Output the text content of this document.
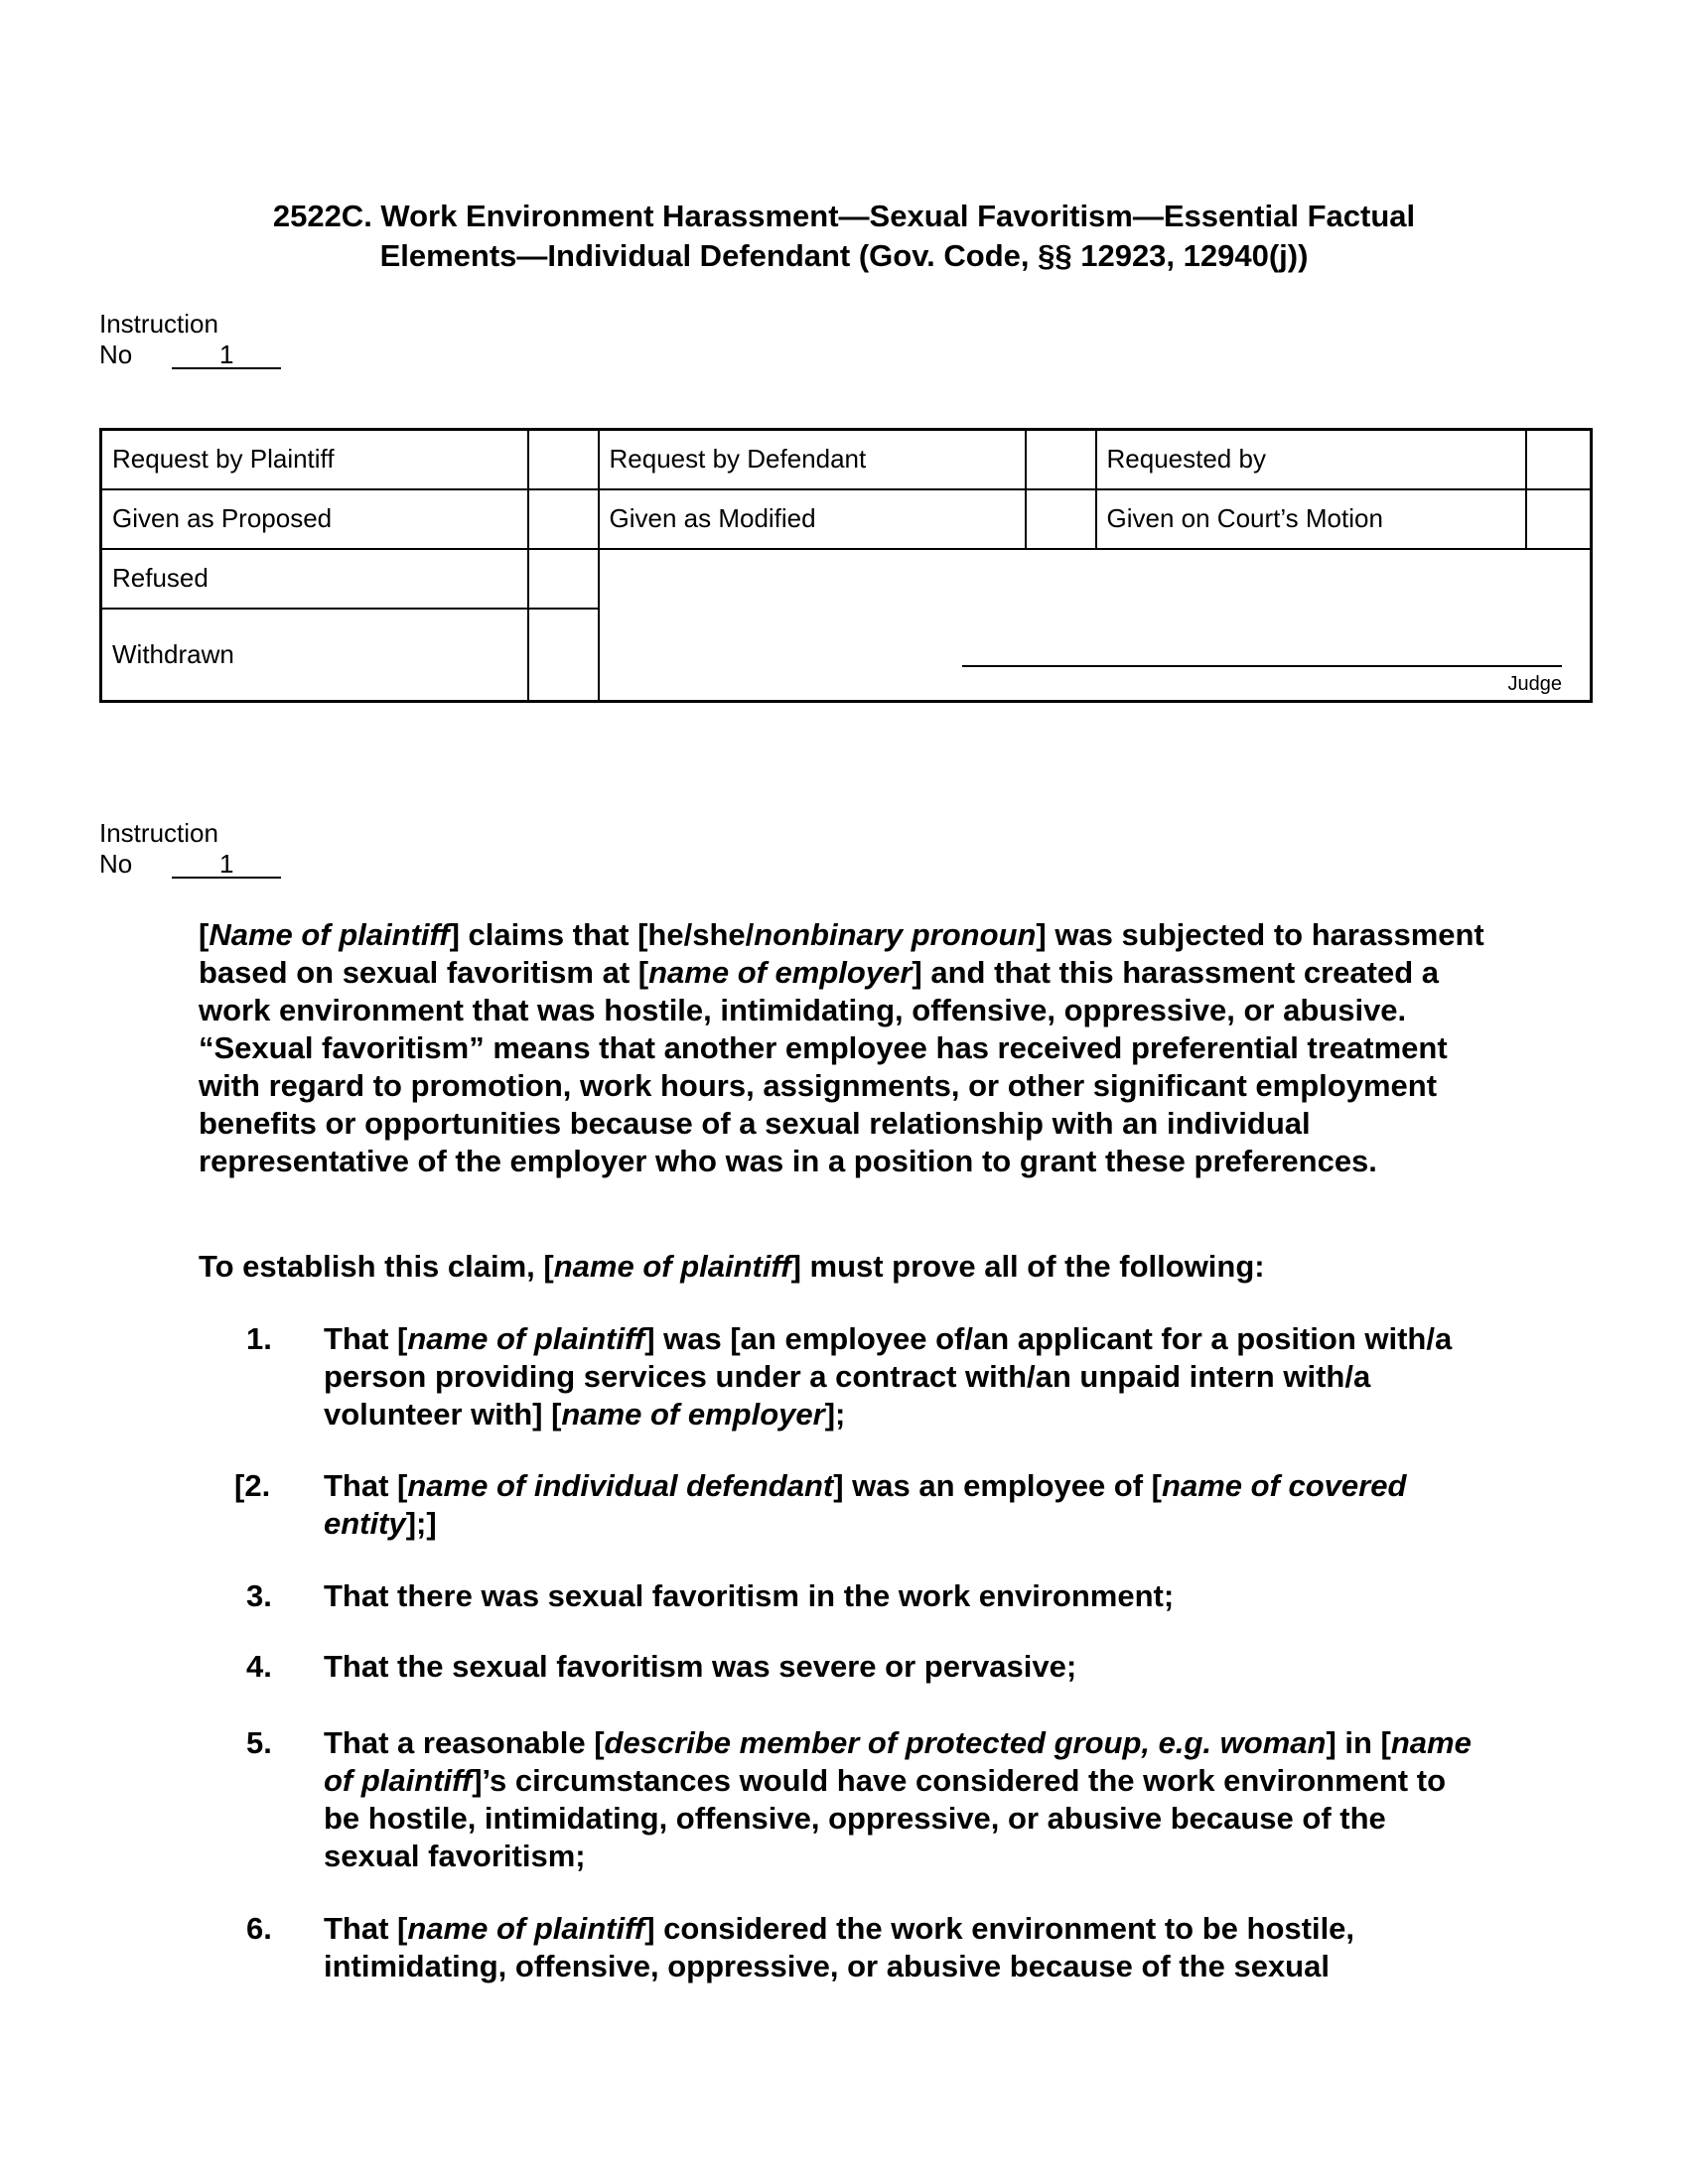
2522C. Work Environment Harassment—Sexual Favoritism—Essential Factual
Elements—Individual Defendant (Gov. Code, §§ 12923, 12940(j))
Instruction
No	1
Request by Plaintiff		Request by Defendant		Requested by	
Given as Proposed		Given as Modified		Given on Court’s Motion	
Refused		Judge			

Withdrawn					
Instruction
No	1

[Name of plaintiff] claims that [he/she/nonbinary pronoun] was subjected to harassment based on sexual favoritism at [name of employer] and that this harassment created a work environment that was hostile, intimidating, offensive, oppressive, or abusive. “Sexual favoritism” means that another employee has received preferential treatment with regard to promotion, work hours, assignments, or other significant employment benefits or opportunities because of a sexual relationship with an individual representative of the employer who was in a position to grant these preferences.

To establish this claim, [name of plaintiff] must prove all of the following:

1.	That [name of plaintiff] was [an employee of/an applicant for a position with/a person providing services under a contract with/an unpaid intern with/a volunteer with] [name of employer];
[2.	That [name of individual defendant] was an employee of [name of covered entity];]
3.	That there was sexual favoritism in the work environment;
4.	That the sexual favoritism was severe or pervasive;
5.	That a reasonable [describe member of protected group, e.g. woman] in [name of plaintiff]’s circumstances would have considered the work environment to be hostile, intimidating, offensive, oppressive, or abusive because of the sexual favoritism;
6.	That [name of plaintiff] considered the work environment to be hostile, intimidating, offensive, oppressive, or abusive because of the sexual
